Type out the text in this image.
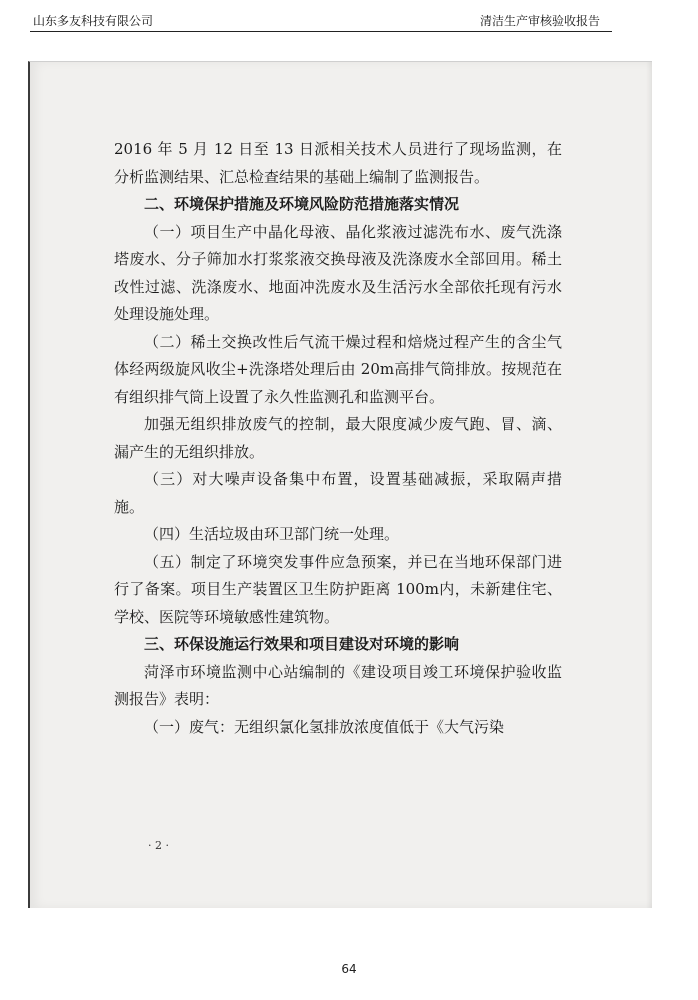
山东多友科技有限公司	清洁生产审核验收报告

2016 年 5 月 12 日至 13 日派相关技术人员进行了现场监测，在分析监测结果、汇总检查结果的基础上编制了监测报告。

二、环境保护措施及环境风险防范措施落实情况

（一）项目生产中晶化母液、晶化浆液过滤洗布水、废气洗涤塔废水、分子筛加水打浆浆液交换母液及洗涤废水全部回用。稀土改性过滤、洗涤废水、地面冲洗废水及生活污水全部依托现有污水处理设施处理。

（二）稀土交换改性后气流干燥过程和焙烧过程产生的含尘气体经两级旋风收尘+洗涤塔处理后由 20m高排气筒排放。按规范在有组织排气筒上设置了永久性监测孔和监测平台。

加强无组织排放废气的控制，最大限度减少废气跑、冒、滴、漏产生的无组织排放。

（三）对大噪声设备集中布置，设置基础减振，采取隔声措施。

（四）生活垃圾由环卫部门统一处理。

（五）制定了环境突发事件应急预案，并已在当地环保部门进行了备案。项目生产装置区卫生防护距离 100m内，未新建住宅、学校、医院等环境敏感性建筑物。

三、环保设施运行效果和项目建设对环境的影响

菏泽市环境监测中心站编制的《建设项目竣工环境保护验收监测报告》表明：

（一）废气：无组织氯化氢排放浓度值低于《大气污染

· 2 ·
64
